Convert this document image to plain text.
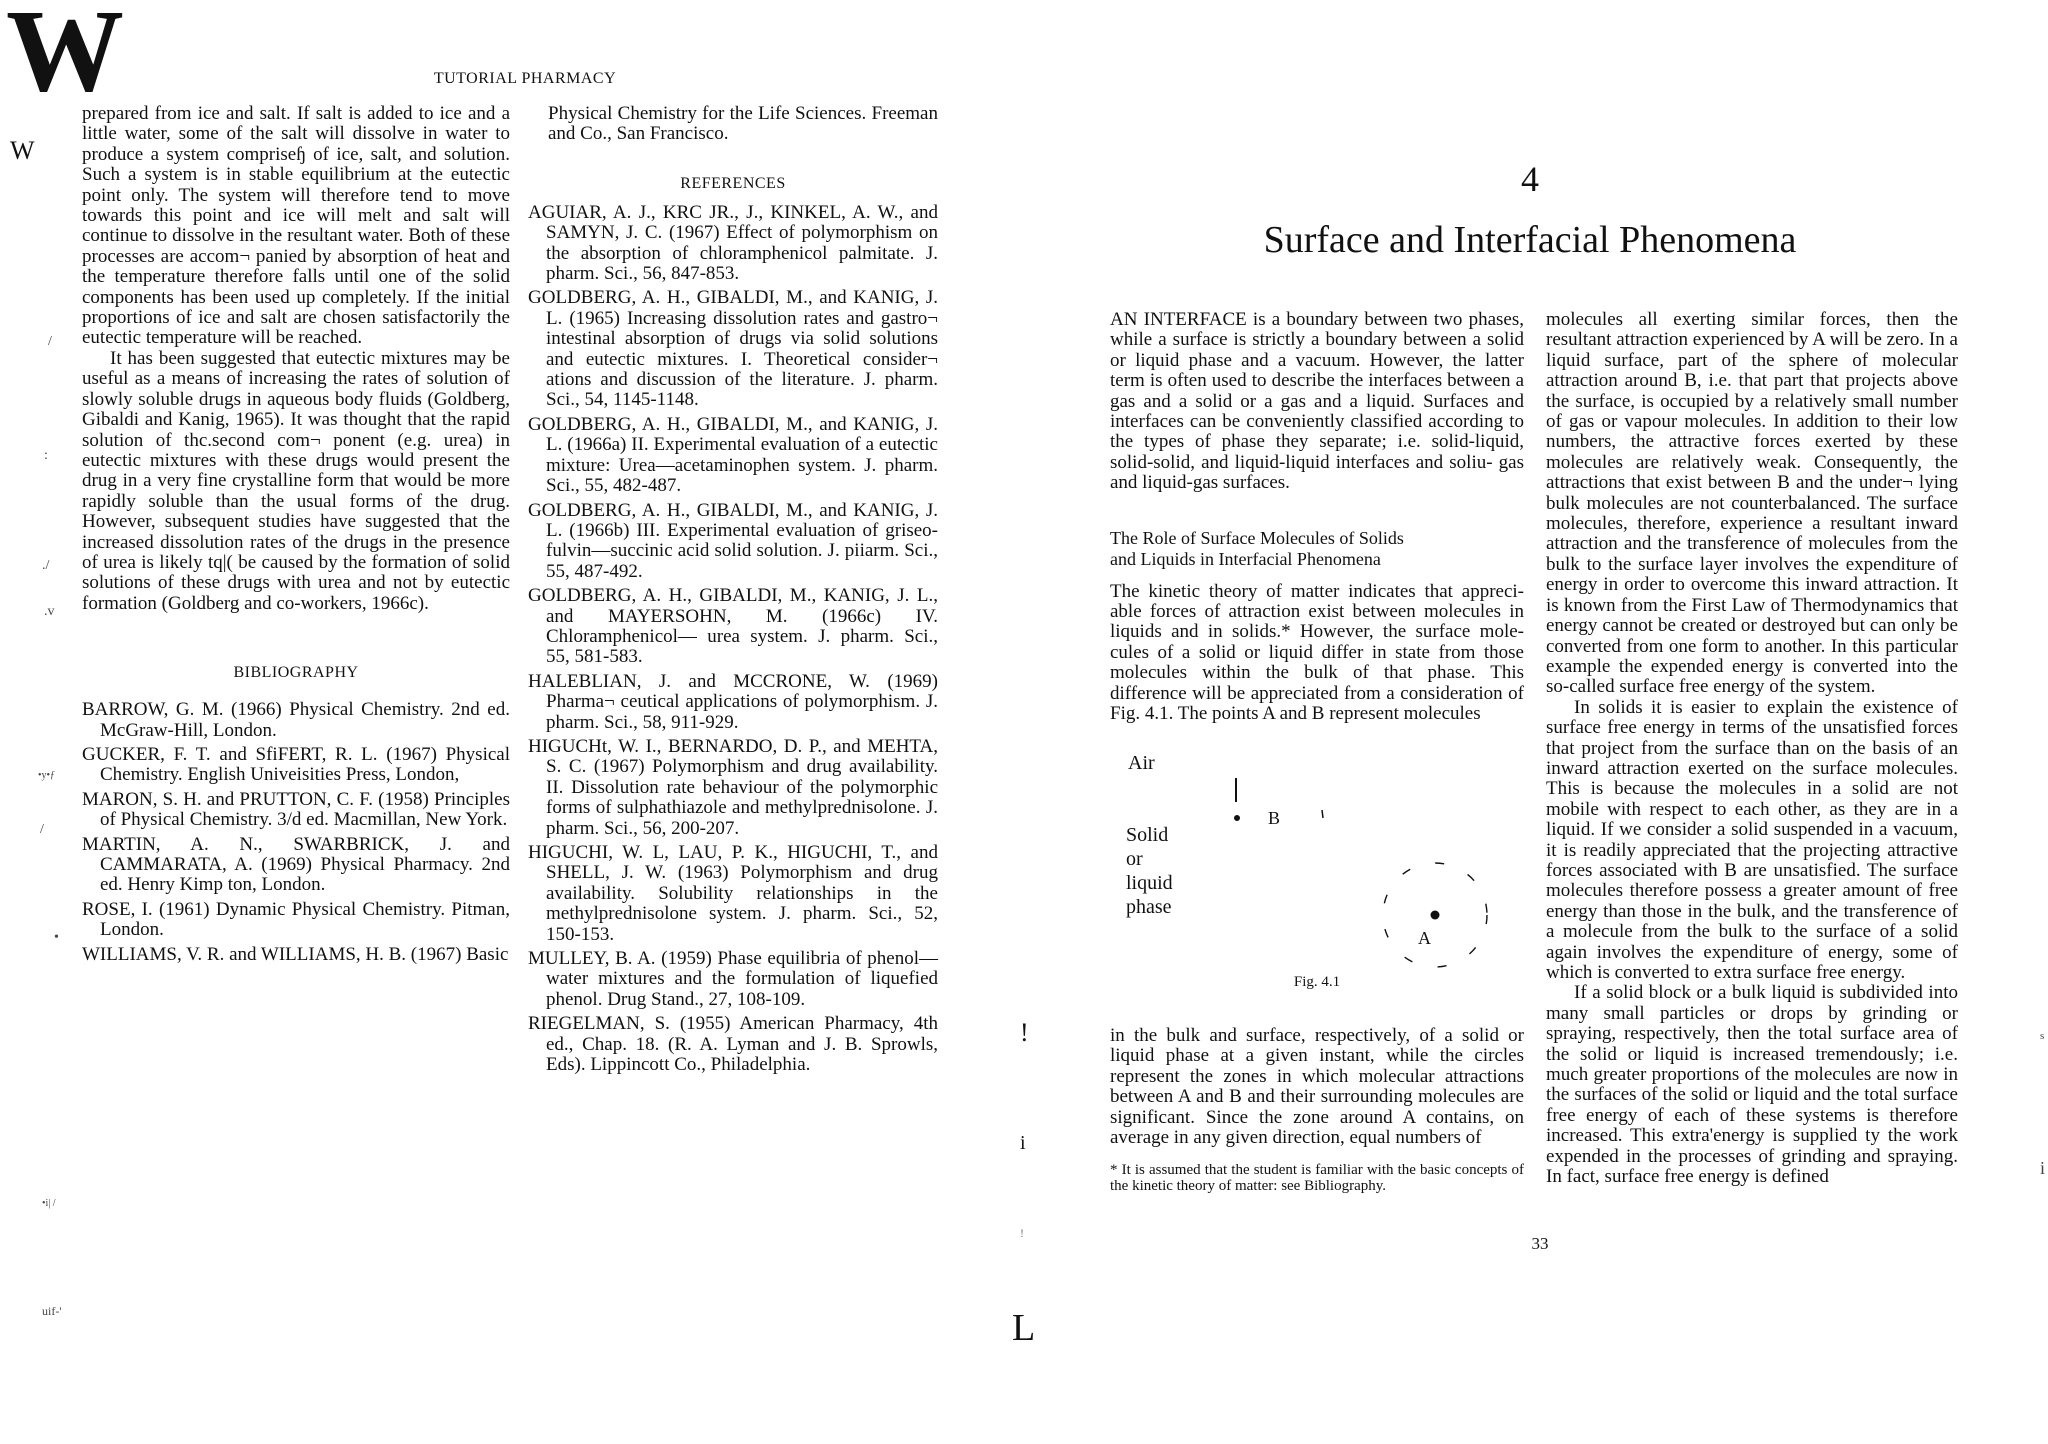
W
W
TUTORIAL PHARMACY

prepared from ice and salt. If salt is added to ice and a little water, some of the salt will dissolve in water to produce a system compriseɧ of ice, salt, and solution. Such a system is in stable equilibrium at the eutectic point only. The system will therefore tend to move towards this point and ice will melt and salt will continue to dissolve in the resultant water. Both of these processes are accom¬ panied by absorption of heat and the temperature therefore falls until one of the solid components has been used up completely. If the initial proportions of ice and salt are chosen satisfactorily the eutectic temperature will be reached.

It has been suggested that eutectic mixtures may be useful as a means of increasing the rates of solution of slowly soluble drugs in aqueous body fluids (Goldberg, Gibaldi and Kanig, 1965). It was thought that the rapid solution of thc.second com¬ ponent (e.g. urea) in eutectic mixtures with these drugs would present the drug in a very fine crystalline form that would be more rapidly soluble than the usual forms of the drug. However, subsequent studies have suggested that the increased dissolution rates of the drugs in the presence of urea is likely tq|( be caused by the formation of solid solutions of these drugs with urea and not by eutectic formation (Goldberg and co-workers, 1966c).

BIBLIOGRAPHY

BARROW, G. M. (1966) Physical Chemistry. 2nd ed. McGraw-Hill, London.

GUCKER, F. T. and SfiFERT, R. L. (1967) Physical Chemistry. English Univeisities Press, London,

MARON, S. H. and PRUTTON, C. F. (1958) Principles of Physical Chemistry. 3/d ed. Macmillan, New York.

MARTIN, A. N., SWARBRICK, J. and CAMMARATA, A. (1969) Physical Pharmacy. 2nd ed. Henry Kimp ton, London.

ROSE, I. (1961) Dynamic Physical Chemistry. Pitman, London.

WILLIAMS, V. R. and WILLIAMS, H. B. (1967) Basic

Physical Chemistry for the Life Sciences. Freeman and Co., San Francisco.

REFERENCES

AGUIAR, A. J., KRC JR., J., KINKEL, A. W., and SAMYN, J. C. (1967) Effect of polymorphism on the absorption of chloramphenicol palmitate. J. pharm. Sci., 56, 847-853.

GOLDBERG, A. H., GIBALDI, M., and KANIG, J. L. (1965) Increasing dissolution rates and gastro¬ intestinal absorption of drugs via solid solutions and eutectic mixtures. I. Theoretical consider¬ ations and discussion of the literature. J. pharm. Sci., 54, 1145-1148.

GOLDBERG, A. H., GIBALDI, M., and KANIG, J. L. (1966a) II. Experimental evaluation of a eutectic mixture: Urea—acetaminophen system. J. pharm. Sci., 55, 482-487.

GOLDBERG, A. H., GIBALDI, M., and KANIG, J. L. (1966b) III. Experimental evaluation of griseo- fulvin—succinic acid solid solution. J. piiarm. Sci., 55, 487-492.

GOLDBERG, A. H., GIBALDI, M., KANIG, J. L., and MAYERSOHN, M. (1966c) IV. Chloramphenicol— urea system. J. pharm. Sci., 55, 581-583.

HALEBLIAN, J. and MCCRONE, W. (1969) Pharma¬ ceutical applications of polymorphism. J. pharm. Sci., 58, 911-929.

HIGUCHt, W. I., BERNARDO, D. P., and MEHTA, S. C. (1967) Polymorphism and drug availability. II. Dissolution rate behaviour of the polymorphic forms of sulphathiazole and methylprednisolone. J. pharm. Sci., 56, 200-207.

HIGUCHI, W. L, LAU, P. K., HIGUCHI, T., and SHELL, J. W. (1963) Polymorphism and drug availability. Solubility relationships in the methylprednisolone system. J. pharm. Sci., 52, 150-153.

MULLEY, B. A. (1959) Phase equilibria of phenol— water mixtures and the formulation of liquefied phenol. Drug Stand., 27, 108-109.

RIEGELMAN, S. (1955) American Pharmacy, 4th ed., Chap. 18. (R. A. Lyman and J. B. Sprowls, Eds). Lippincott Co., Philadelphia.

/
:
./
.v
•y•ƒ
/
•
•i| /
uif-'
!
i
!
L
4
Surface and Interfacial Phenomena

AN INTERFACE is a boundary between two phases, while a surface is strictly a boundary between a solid or liquid phase and a vacuum. However, the latter term is often used to describe the interfaces between a gas and a solid or a gas and a liquid. Surfaces and interfaces can be conveniently classified according to the types of phase they separate; i.e. solid-liquid, solid-solid, and liquid-liquid interfaces and soliu- gas and liquid-gas surfaces.

The Role of Surface Molecules of Solids
and Liquids in Interfacial Phenomena

The kinetic theory of matter indicates that appreci- able forces of attraction exist between molecules in liquids and in solids.* However, the surface mole- cules of a solid or liquid differ in state from those molecules within the bulk of that phase. This difference will be appreciated from a consideration of Fig. 4.1. The points A and B represent molecules

Air
Solid
or
liquid
phase
B
A
Fig. 4.1

in the bulk and surface, respectively, of a solid or liquid phase at a given instant, while the circles represent the zones in which molecular attractions between A and B and their surrounding molecules are significant. Since the zone around A contains, on average in any given direction, equal numbers of

* It is assumed that the student is familiar with the basic concepts of the kinetic theory of matter: see Bibliography.

molecules all exerting similar forces, then the resultant attraction experienced by A will be zero. In a liquid surface, part of the sphere of molecular attraction around B, i.e. that part that projects above the surface, is occupied by a relatively small number of gas or vapour molecules. In addition to their low numbers, the attractive forces exerted by these molecules are relatively weak. Consequently, the attractions that exist between B and the under¬ lying bulk molecules are not counterbalanced. The surface molecules, therefore, experience a resultant inward attraction and the transference of molecules from the bulk to the surface layer involves the expenditure of energy in order to overcome this inward attraction. It is known from the First Law of Thermodynamics that energy cannot be created or destroyed but can only be converted from one form to another. In this particular example the expended energy is converted into the so-called surface free energy of the system.

In solids it is easier to explain the existence of surface free energy in terms of the unsatisfied forces that project from the surface than on the basis of an inward attraction exerted on the surface molecules. This is because the molecules in a solid are not mobile with respect to each other, as they are in a liquid. If we consider a solid suspended in a vacuum, it is readily appreciated that the projecting attractive forces associated with B are unsatisfied. The surface molecules therefore possess a greater amount of free energy than those in the bulk, and the transference of a molecule from the bulk to the surface of a solid again involves the expenditure of energy, some of which is converted to extra surface free energy.

If a solid block or a bulk liquid is subdivided into many small particles or drops by grinding or spraying, respectively, then the total surface area of the solid or liquid is increased tremendously; i.e. much greater proportions of the molecules are now in the surfaces of the solid or liquid and the total surface free energy of each of these systems is therefore increased. This extra'energy is supplied ty the work expended in the processes of grinding and spraying. In fact, surface free energy is defined

33
s
i
